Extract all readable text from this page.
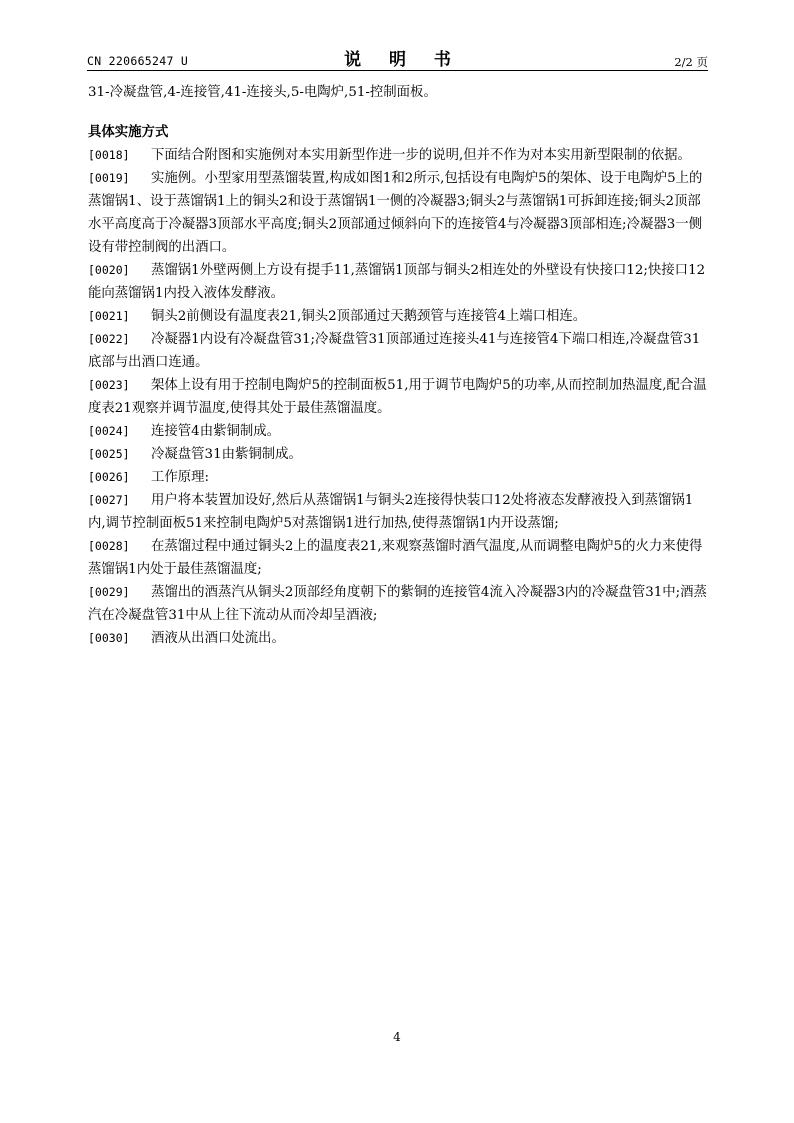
CN 220665247 U	说 明 书	2/2 页

31-冷凝盘管,4-连接管,41-连接头,5-电陶炉,51-控制面板。

具体实施方式
[0018]	下面结合附图和实施例对本实用新型作进一步的说明,但并不作为对本实用新型限制的依据。
[0019]	实施例。小型家用型蒸馏装置,构成如图1和2所示,包括设有电陶炉5的架体、设于电陶炉5上的蒸馏锅1、设于蒸馏锅1上的铜头2和设于蒸馏锅1一侧的冷凝器3;铜头2与蒸馏锅1可拆卸连接;铜头2顶部水平高度高于冷凝器3顶部水平高度;铜头2顶部通过倾斜向下的连接管4与冷凝器3顶部相连;冷凝器3一侧设有带控制阀的出酒口。
[0020]	蒸馏锅1外壁两侧上方设有提手11,蒸馏锅1顶部与铜头2相连处的外壁设有快接口12;快接口12能向蒸馏锅1内投入液体发酵液。
[0021]	铜头2前侧设有温度表21,铜头2顶部通过天鹅颈管与连接管4上端口相连。
[0022]	冷凝器1内设有冷凝盘管31;冷凝盘管31顶部通过连接头41与连接管4下端口相连,冷凝盘管31底部与出酒口连通。
[0023]	架体上设有用于控制电陶炉5的控制面板51,用于调节电陶炉5的功率,从而控制加热温度,配合温度表21观察并调节温度,使得其处于最佳蒸馏温度。
[0024]	连接管4由紫铜制成。
[0025]	冷凝盘管31由紫铜制成。
[0026]	工作原理:
[0027]	用户将本装置加设好,然后从蒸馏锅1与铜头2连接得快装口12处将液态发酵液投入到蒸馏锅1内,调节控制面板51来控制电陶炉5对蒸馏锅1进行加热,使得蒸馏锅1内开设蒸馏;
[0028]	在蒸馏过程中通过铜头2上的温度表21,来观察蒸馏时酒气温度,从而调整电陶炉5的火力来使得蒸馏锅1内处于最佳蒸馏温度;
[0029]	蒸馏出的酒蒸汽从铜头2顶部经角度朝下的紫铜的连接管4流入冷凝器3内的冷凝盘管31中;酒蒸汽在冷凝盘管31中从上往下流动从而冷却呈酒液;
[0030]	酒液从出酒口处流出。
4
